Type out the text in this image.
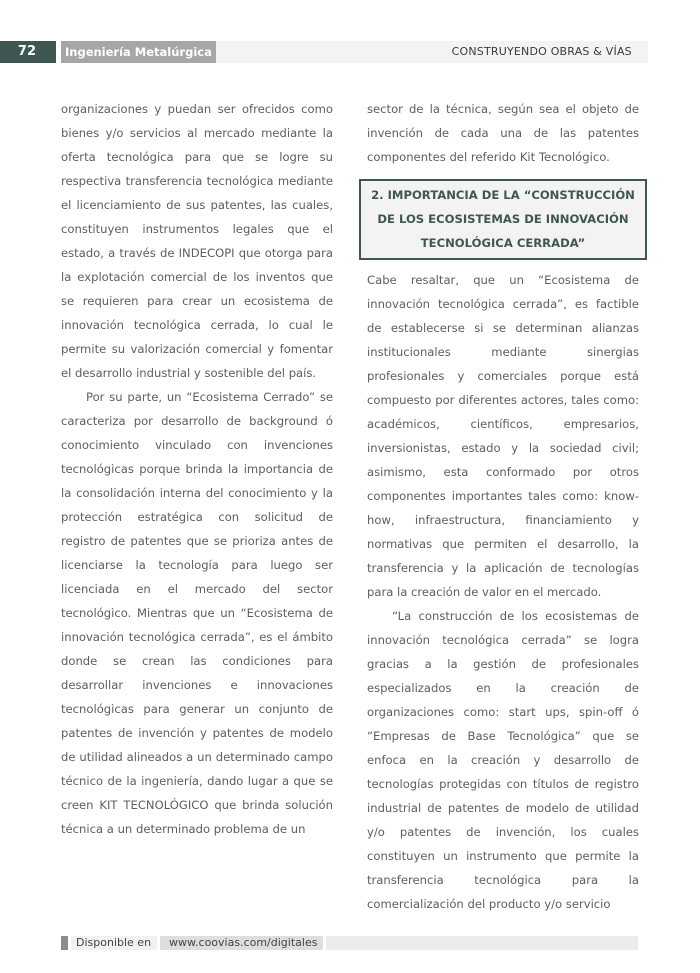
72	Ingeniería Metalúrgica	CONSTRUYENDO OBRAS & VÍAS

organizaciones y puedan ser ofrecidos como bienes y/o servicios al mercado mediante la oferta tecnológica para que se logre su respectiva transferencia tecnológica mediante el licenciamiento de sus patentes, las cuales, constituyen instrumentos legales que el estado, a través de INDECOPI que otorga para la explotación comercial de los inventos que se requieren para crear un ecosistema de innovación tecnológica cerrada, lo cual le permite su valorización comercial y fomentar el desarrollo industrial y sostenible del país.

Por su parte, un “Ecosistema Cerrado” se caracteriza por desarrollo de background ó conocimiento vinculado con invenciones tecnológicas porque brinda la importancia de la consolidación interna del conocimiento y la protección estratégica con solicitud de registro de patentes que se prioriza antes de licenciarse la tecnología para luego ser licenciada en el mercado del sector tecnológico. Mientras que un “Ecosistema de innovación tecnológica cerrada”, es el ámbito donde se crean las condiciones para desarrollar invenciones e innovaciones tecnológicas para generar un conjunto de patentes de invención y patentes de modelo de utilidad alineados a un determinado campo técnico de la ingeniería, dando lugar a que se creen KIT TECNOLÓGICO que brinda solución técnica a un determinado problema de un

sector de la técnica, según sea el objeto de invención de cada una de las patentes componentes del referido Kit Tecnológico.

2. IMPORTANCIA DE LA “CONSTRUCCIÓN DE LOS ECOSISTEMAS DE INNOVACIÓN TECNOLÓGICA CERRADA”

Cabe resaltar, que un “Ecosistema de innovación tecnológica cerrada”, es factible de establecerse si se determinan alianzas institucionales mediante sinergias profesionales y comerciales porque está compuesto por diferentes actores, tales como: académicos, científicos, empresarios, inversionistas, estado y la sociedad civil; asimismo, esta conformado por otros componentes importantes tales como: know-how, infraestructura, financiamiento y normativas que permiten el desarrollo, la transferencia y la aplicación de tecnologías para la creación de valor en el mercado.

“La construcción de los ecosistemas de innovación tecnológica cerrada” se logra gracias a la gestión de profesionales especializados en la creación de organizaciones como: start ups, spin-off ó “Empresas de Base Tecnológica” que se enfoca en la creación y desarrollo de tecnologías protegidas con títulos de registro industrial de patentes de modelo de utilidad y/o patentes de invención, los cuales constituyen un instrumento que permite la transferencia tecnológica para la comercialización del producto y/o servicio

Disponible en	www.coovias.com/digitales
